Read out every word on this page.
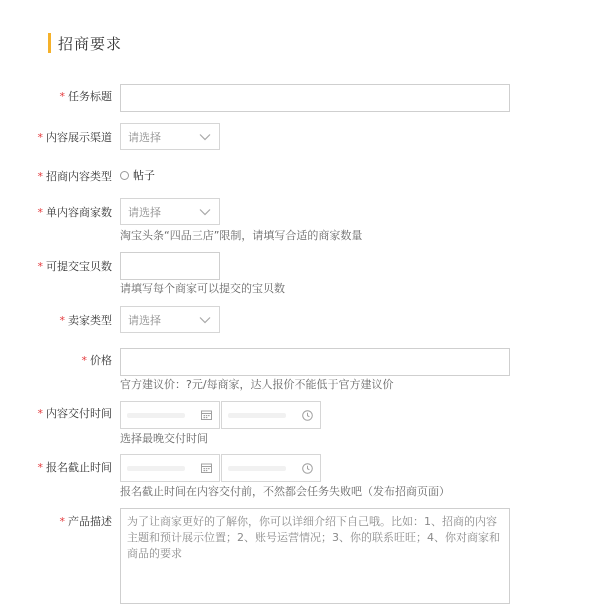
招商要求
* 任务标题
* 内容展示渠道 请选择
* 招商内容类型 帖子
* 单内容商家数 请选择
淘宝头条“四品三店”限制，请填写合适的商家数量
* 可提交宝贝数
请填写每个商家可以提交的宝贝数
* 卖家类型 请选择
* 价格
官方建议价：?元/每商家，达人报价不能低于官方建议价
* 内容交付时间
选择最晚交付时间
* 报名截止时间
报名截止时间在内容交付前，不然都会任务失败吧（发布招商页面）
* 产品描述
为了让商家更好的了解你，你可以详细介绍下自己哦。比如：1、招商的内容主题和预计展示位置；2、账号运营情况；3、你的联系旺旺；4、你对商家和商品的要求
